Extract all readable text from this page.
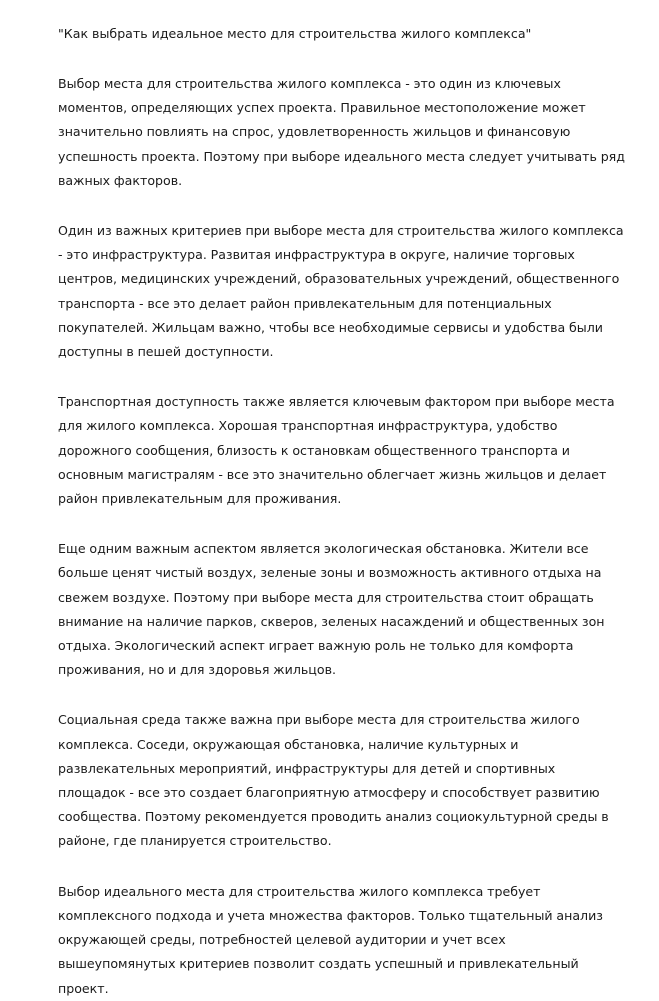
"Как выбрать идеальное место для строительства жилого комплекса"

Выбор места для строительства жилого комплекса - это один из ключевых моментов, определяющих успех проекта. Правильное местоположение может значительно повлиять на спрос, удовлетворенность жильцов и финансовую успешность проекта. Поэтому при выборе идеального места следует учитывать ряд важных факторов.

Один из важных критериев при выборе места для строительства жилого комплекса - это инфраструктура. Развитая инфраструктура в округе, наличие торговых центров, медицинских учреждений, образовательных учреждений, общественного транспорта - все это делает район привлекательным для потенциальных покупателей. Жильцам важно, чтобы все необходимые сервисы и удобства были доступны в пешей доступности.

Транспортная доступность также является ключевым фактором при выборе места для жилого комплекса. Хорошая транспортная инфраструктура, удобство дорожного сообщения, близость к остановкам общественного транспорта и основным магистралям - все это значительно облегчает жизнь жильцов и делает район привлекательным для проживания.

Еще одним важным аспектом является экологическая обстановка. Жители все больше ценят чистый воздух, зеленые зоны и возможность активного отдыха на свежем воздухе. Поэтому при выборе места для строительства стоит обращать внимание на наличие парков, скверов, зеленых насаждений и общественных зон отдыха. Экологический аспект играет важную роль не только для комфорта проживания, но и для здоровья жильцов.

Социальная среда также важна при выборе места для строительства жилого комплекса. Соседи, окружающая обстановка, наличие культурных и развлекательных мероприятий, инфраструктуры для детей и спортивных площадок - все это создает благоприятную атмосферу и способствует развитию сообщества. Поэтому рекомендуется проводить анализ социокультурной среды в районе, где планируется строительство.

Выбор идеального места для строительства жилого комплекса требует комплексного подхода и учета множества факторов. Только тщательный анализ окружающей среды, потребностей целевой аудитории и учет всех вышеупомянутых критериев позволит создать успешный и привлекательный проект.
